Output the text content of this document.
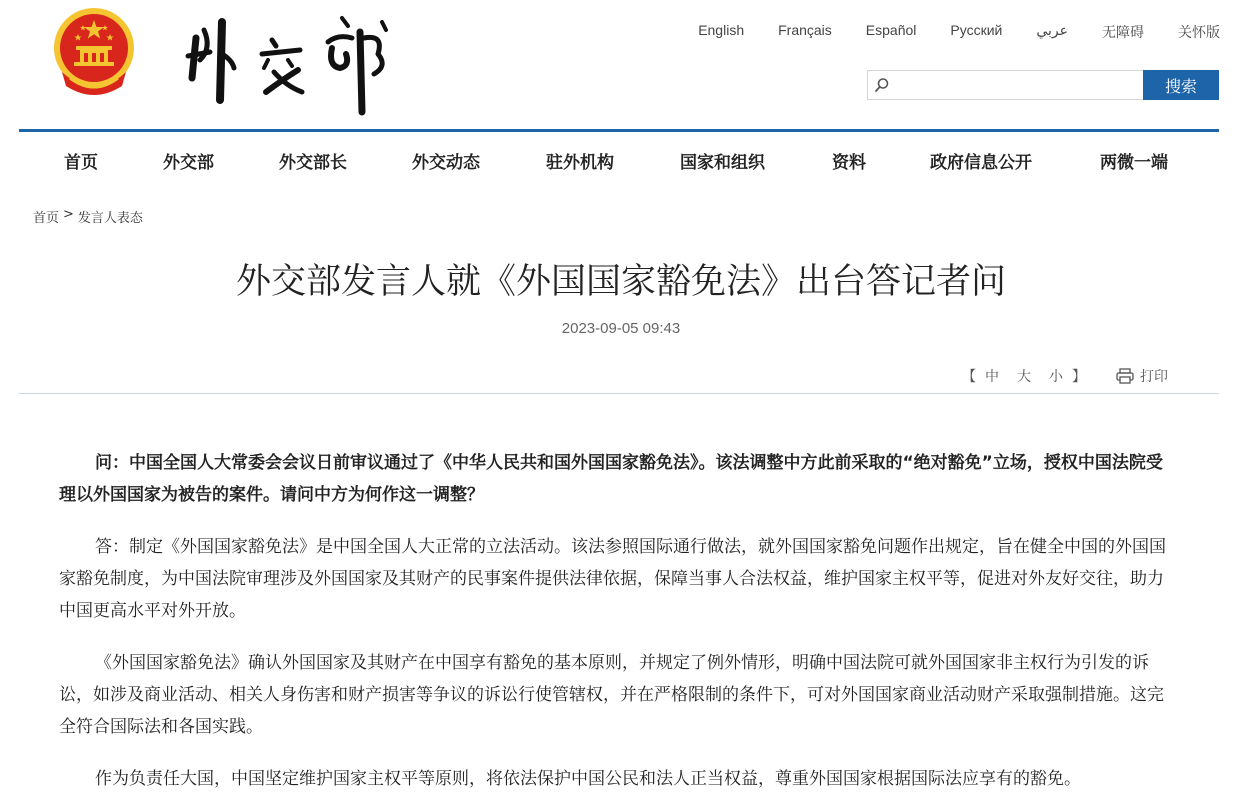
English Français Español Русский عربي 无障碍 关怀版
搜索
首页	外交部	外交部长	外交动态	驻外机构	国家和组织	资料	政府信息公开	两微一端
首页 > 发言人表态
外交部发言人就《外国国家豁免法》出台答记者问
2023-09-05 09:43
【 中 大 小 】	打印

问：中国全国人大常委会会议日前审议通过了《中华人民共和国外国国家豁免法》。该法调整中方此前采取的“绝对豁免”立场，授权中国法院受理以外国国家为被告的案件。请问中方为何作这一调整？

答：制定《外国国家豁免法》是中国全国人大正常的立法活动。该法参照国际通行做法，就外国国家豁免问题作出规定，旨在健全中国的外国国家豁免制度，为中国法院审理涉及外国国家及其财产的民事案件提供法律依据，保障当事人合法权益，维护国家主权平等，促进对外友好交往，助力中国更高水平对外开放。

《外国国家豁免法》确认外国国家及其财产在中国享有豁免的基本原则，并规定了例外情形，明确中国法院可就外国国家非主权行为引发的诉讼，如涉及商业活动、相关人身伤害和财产损害等争议的诉讼行使管辖权，并在严格限制的条件下，可对外国国家商业活动财产采取强制措施。这完全符合国际法和各国实践。

作为负责任大国，中国坚定维护国家主权平等原则，将依法保护中国公民和法人正当权益，尊重外国国家根据国际法应享有的豁免。
